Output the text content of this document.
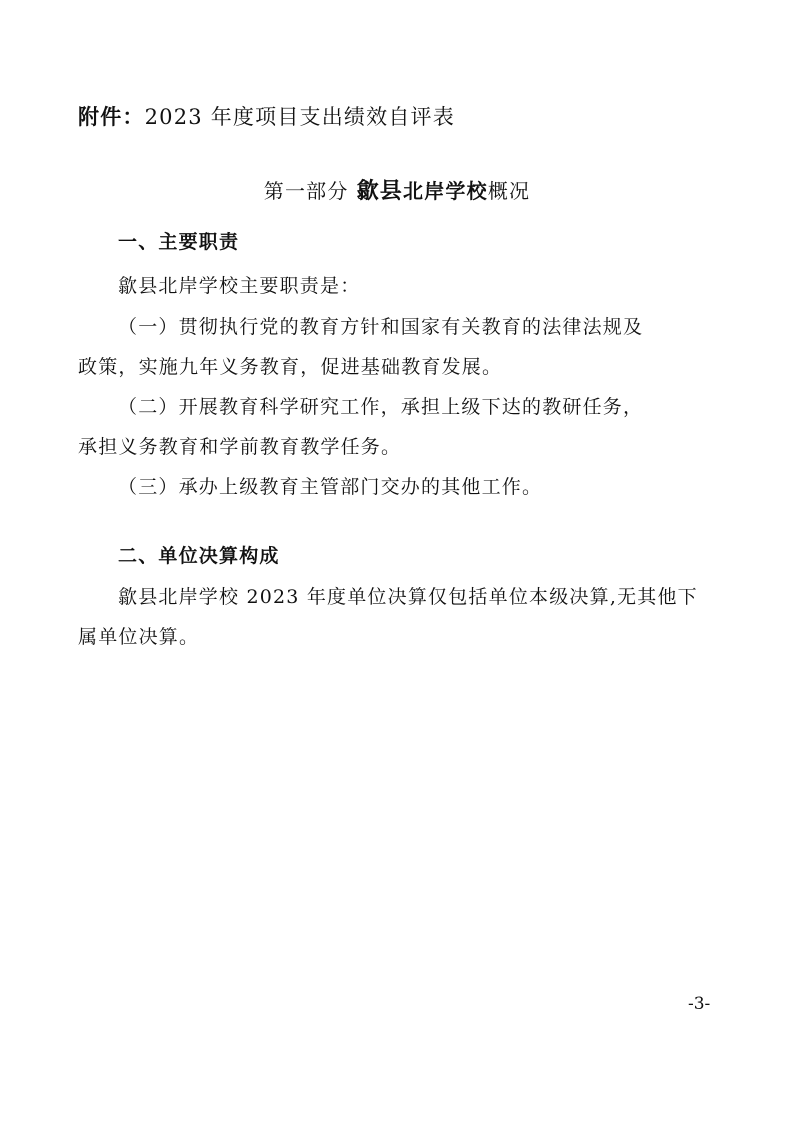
附件：2023 年度项目支出绩效自评表
第一部分 歙县北岸学校概况
一、主要职责
歙县北岸学校主要职责是：
（一）贯彻执行党的教育方针和国家有关教育的法律法规及
政策，实施九年义务教育，促进基础教育发展。
（二）开展教育科学研究工作，承担上级下达的教研任务，
承担义务教育和学前教育教学任务。
（三）承办上级教育主管部门交办的其他工作。
二、单位决算构成
歙县北岸学校 2023 年度单位决算仅包括单位本级决算,无其他下
属单位决算。
-3-
